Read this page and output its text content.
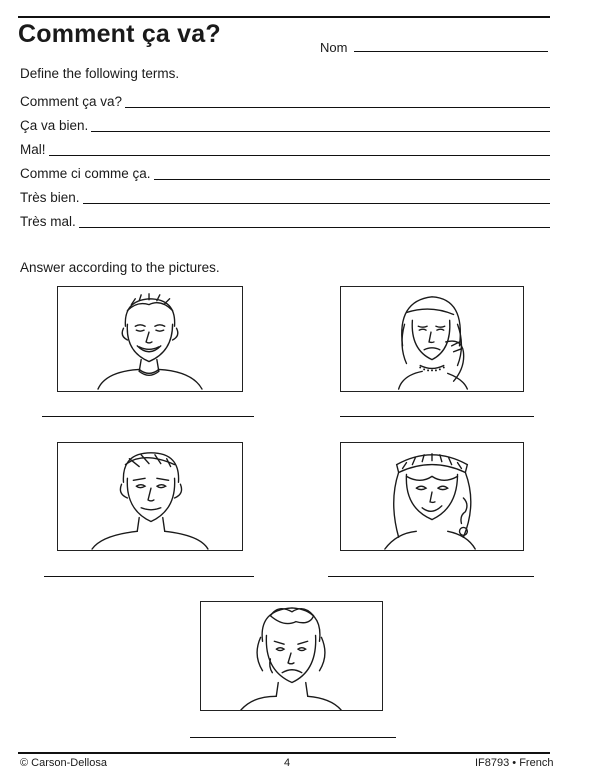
Comment ça va?	Nom
Define the following terms.
Comment ça va?
Ça va bien.
Mal!
Comme ci comme ça.
Très bien.
Très mal.
Answer according to the pictures.
© Carson-Dellosa	4	IF8793 • French
